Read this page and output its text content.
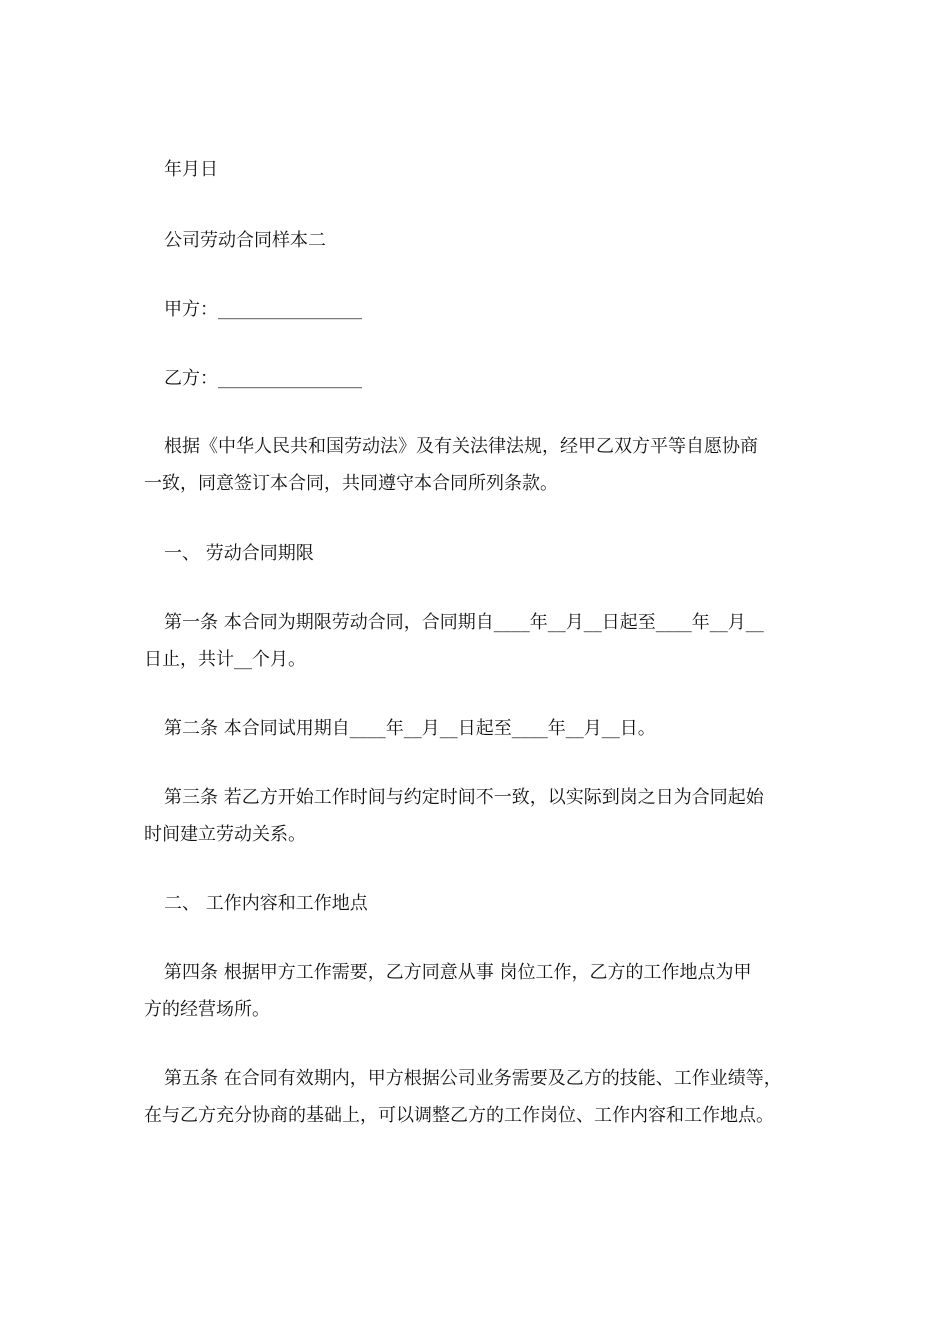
年月日

公司劳动合同样本二

甲方：________________

乙方：________________

根据《中华人民共和国劳动法》及有关法律法规，经甲乙双方平等自愿协商

一致，同意签订本合同，共同遵守本合同所列条款。

一、 劳动合同期限

第一条 本合同为期限劳动合同，合同期自____年__月__日起至____年__月__

日止，共计__个月。

第二条 本合同试用期自____年__月__日起至____年__月__日。

第三条 若乙方开始工作时间与约定时间不一致，以实际到岗之日为合同起始

时间建立劳动关系。

二、 工作内容和工作地点

第四条 根据甲方工作需要，乙方同意从事 岗位工作，乙方的工作地点为甲

方的经营场所。

第五条 在合同有效期内，甲方根据公司业务需要及乙方的技能、工作业绩等，

在与乙方充分协商的基础上，可以调整乙方的工作岗位、工作内容和工作地点。
